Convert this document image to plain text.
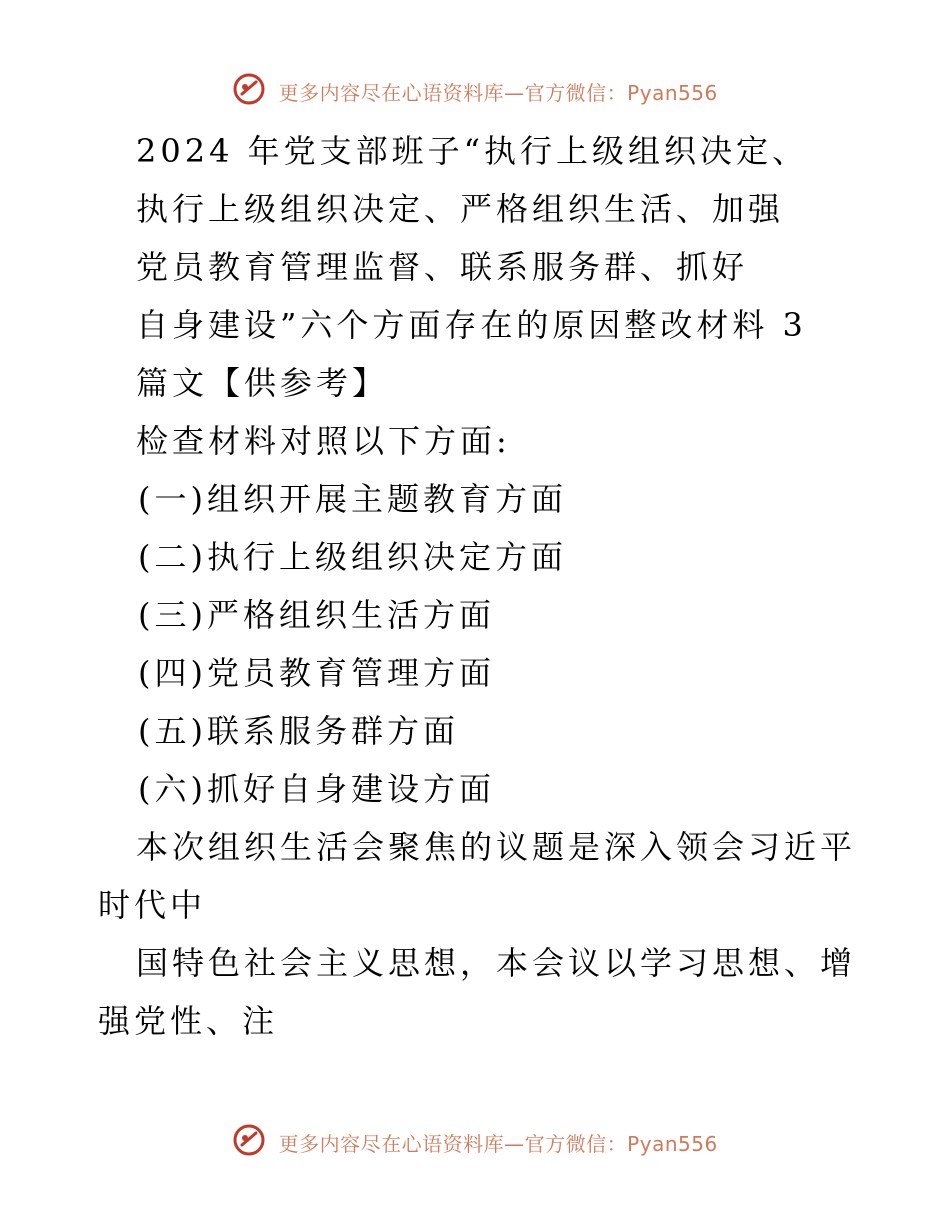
更多内容尽在心语资料库—官方微信：Pyan556
2024 年党支部班子“执行上级组织决定、
执行上级组织决定、严格组织生活、加强
党员教育管理监督、联系服务群、抓好
自身建设”六个方面存在的原因整改材料 3
篇文【供参考】
检查材料对照以下方面:
(一)组织开展主题教育方面
(二)执行上级组织决定方面
(三)严格组织生活方面
(四)党员教育管理方面
(五)联系服务群方面
(六)抓好自身建设方面
本次组织生活会聚焦的议题是深入领会习近平时代中
国特色社会主义思想，本会议以学习思想、增强党性、注
更多内容尽在心语资料库—官方微信：Pyan556
